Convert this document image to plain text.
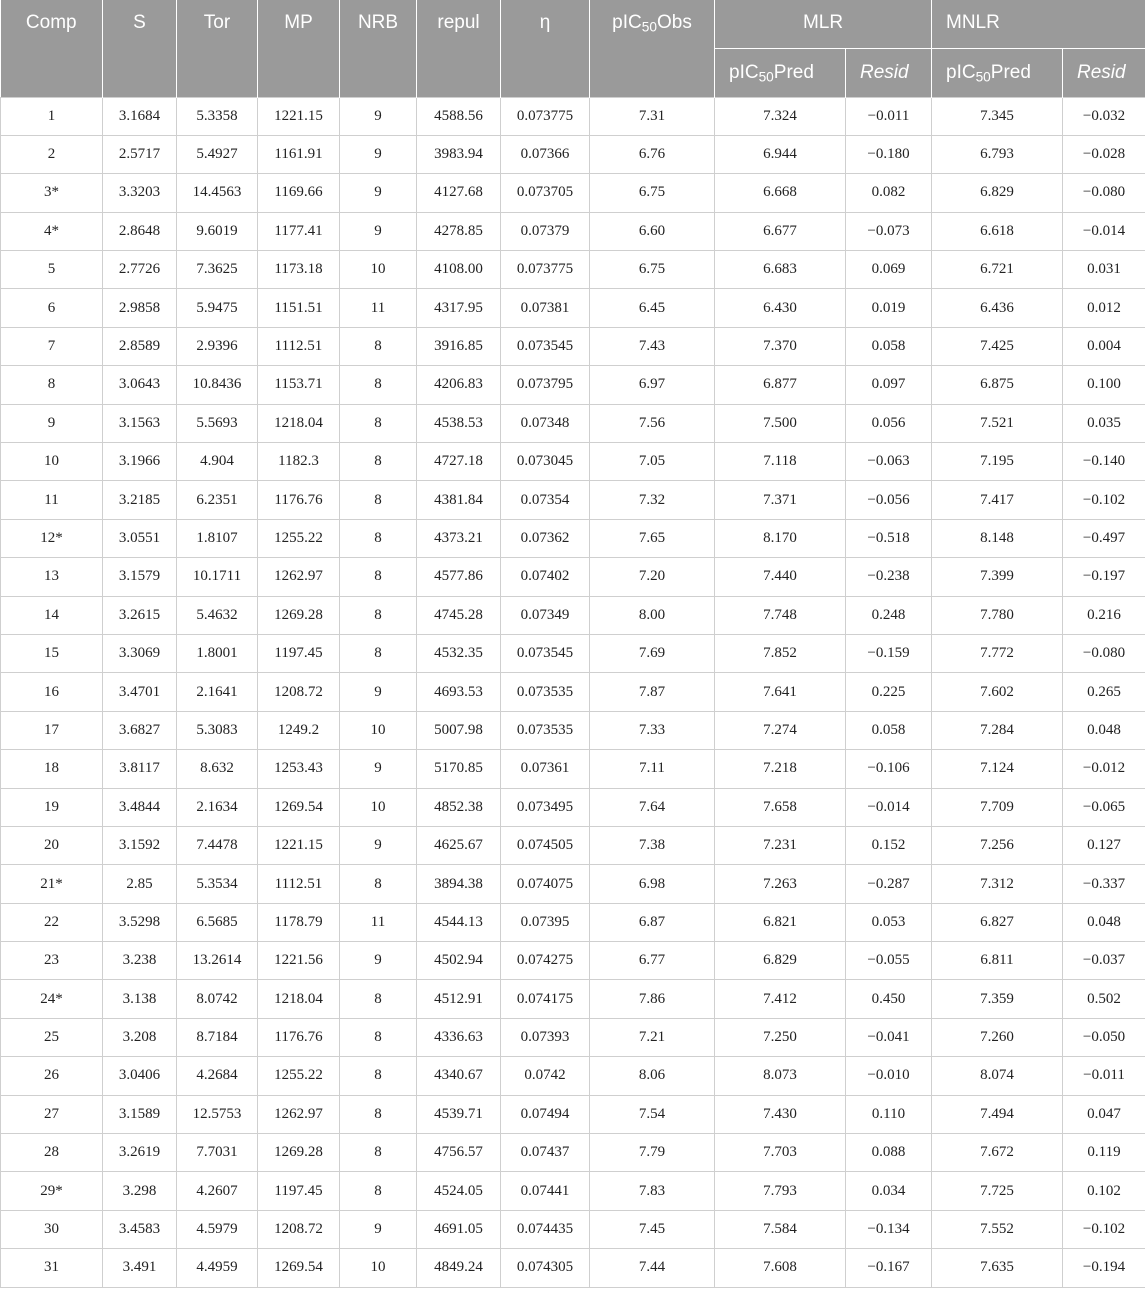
Comp	S	Tor	MP	NRB	repul	η	pIC$_{50}$Obs	MLR		MNLR	
								pIC$_{50}$Pred	Resid	pIC$_{50}$Pred	Resid
1	3.1684	5.3358	1221.15	9	4588.56	0.073775	7.31	7.324	−0.011	7.345	−0.032
2	2.5717	5.4927	1161.91	9	3983.94	0.07366	6.76	6.944	−0.180	6.793	−0.028
3*	3.3203	14.4563	1169.66	9	4127.68	0.073705	6.75	6.668	0.082	6.829	−0.080
4*	2.8648	9.6019	1177.41	9	4278.85	0.07379	6.60	6.677	−0.073	6.618	−0.014
5	2.7726	7.3625	1173.18	10	4108.00	0.073775	6.75	6.683	0.069	6.721	0.031
6	2.9858	5.9475	1151.51	11	4317.95	0.07381	6.45	6.430	0.019	6.436	0.012
7	2.8589	2.9396	1112.51	8	3916.85	0.073545	7.43	7.370	0.058	7.425	0.004
8	3.0643	10.8436	1153.71	8	4206.83	0.073795	6.97	6.877	0.097	6.875	0.100
9	3.1563	5.5693	1218.04	8	4538.53	0.07348	7.56	7.500	0.056	7.521	0.035
10	3.1966	4.904	1182.3	8	4727.18	0.073045	7.05	7.118	−0.063	7.195	−0.140
11	3.2185	6.2351	1176.76	8	4381.84	0.07354	7.32	7.371	−0.056	7.417	−0.102
12*	3.0551	1.8107	1255.22	8	4373.21	0.07362	7.65	8.170	−0.518	8.148	−0.497
13	3.1579	10.1711	1262.97	8	4577.86	0.07402	7.20	7.440	−0.238	7.399	−0.197
14	3.2615	5.4632	1269.28	8	4745.28	0.07349	8.00	7.748	0.248	7.780	0.216
15	3.3069	1.8001	1197.45	8	4532.35	0.073545	7.69	7.852	−0.159	7.772	−0.080
16	3.4701	2.1641	1208.72	9	4693.53	0.073535	7.87	7.641	0.225	7.602	0.265
17	3.6827	5.3083	1249.2	10	5007.98	0.073535	7.33	7.274	0.058	7.284	0.048
18	3.8117	8.632	1253.43	9	5170.85	0.07361	7.11	7.218	−0.106	7.124	−0.012
19	3.4844	2.1634	1269.54	10	4852.38	0.073495	7.64	7.658	−0.014	7.709	−0.065
20	3.1592	7.4478	1221.15	9	4625.67	0.074505	7.38	7.231	0.152	7.256	0.127
21*	2.85	5.3534	1112.51	8	3894.38	0.074075	6.98	7.263	−0.287	7.312	−0.337
22	3.5298	6.5685	1178.79	11	4544.13	0.07395	6.87	6.821	0.053	6.827	0.048
23	3.238	13.2614	1221.56	9	4502.94	0.074275	6.77	6.829	−0.055	6.811	−0.037
24*	3.138	8.0742	1218.04	8	4512.91	0.074175	7.86	7.412	0.450	7.359	0.502
25	3.208	8.7184	1176.76	8	4336.63	0.07393	7.21	7.250	−0.041	7.260	−0.050
26	3.0406	4.2684	1255.22	8	4340.67	0.0742	8.06	8.073	−0.010	8.074	−0.011
27	3.1589	12.5753	1262.97	8	4539.71	0.07494	7.54	7.430	0.110	7.494	0.047
28	3.2619	7.7031	1269.28	8	4756.57	0.07437	7.79	7.703	0.088	7.672	0.119
29*	3.298	4.2607	1197.45	8	4524.05	0.07441	7.83	7.793	0.034	7.725	0.102
30	3.4583	4.5979	1208.72	9	4691.05	0.074435	7.45	7.584	−0.134	7.552	−0.102
31	3.491	4.4959	1269.54	10	4849.24	0.074305	7.44	7.608	−0.167	7.635	−0.194
